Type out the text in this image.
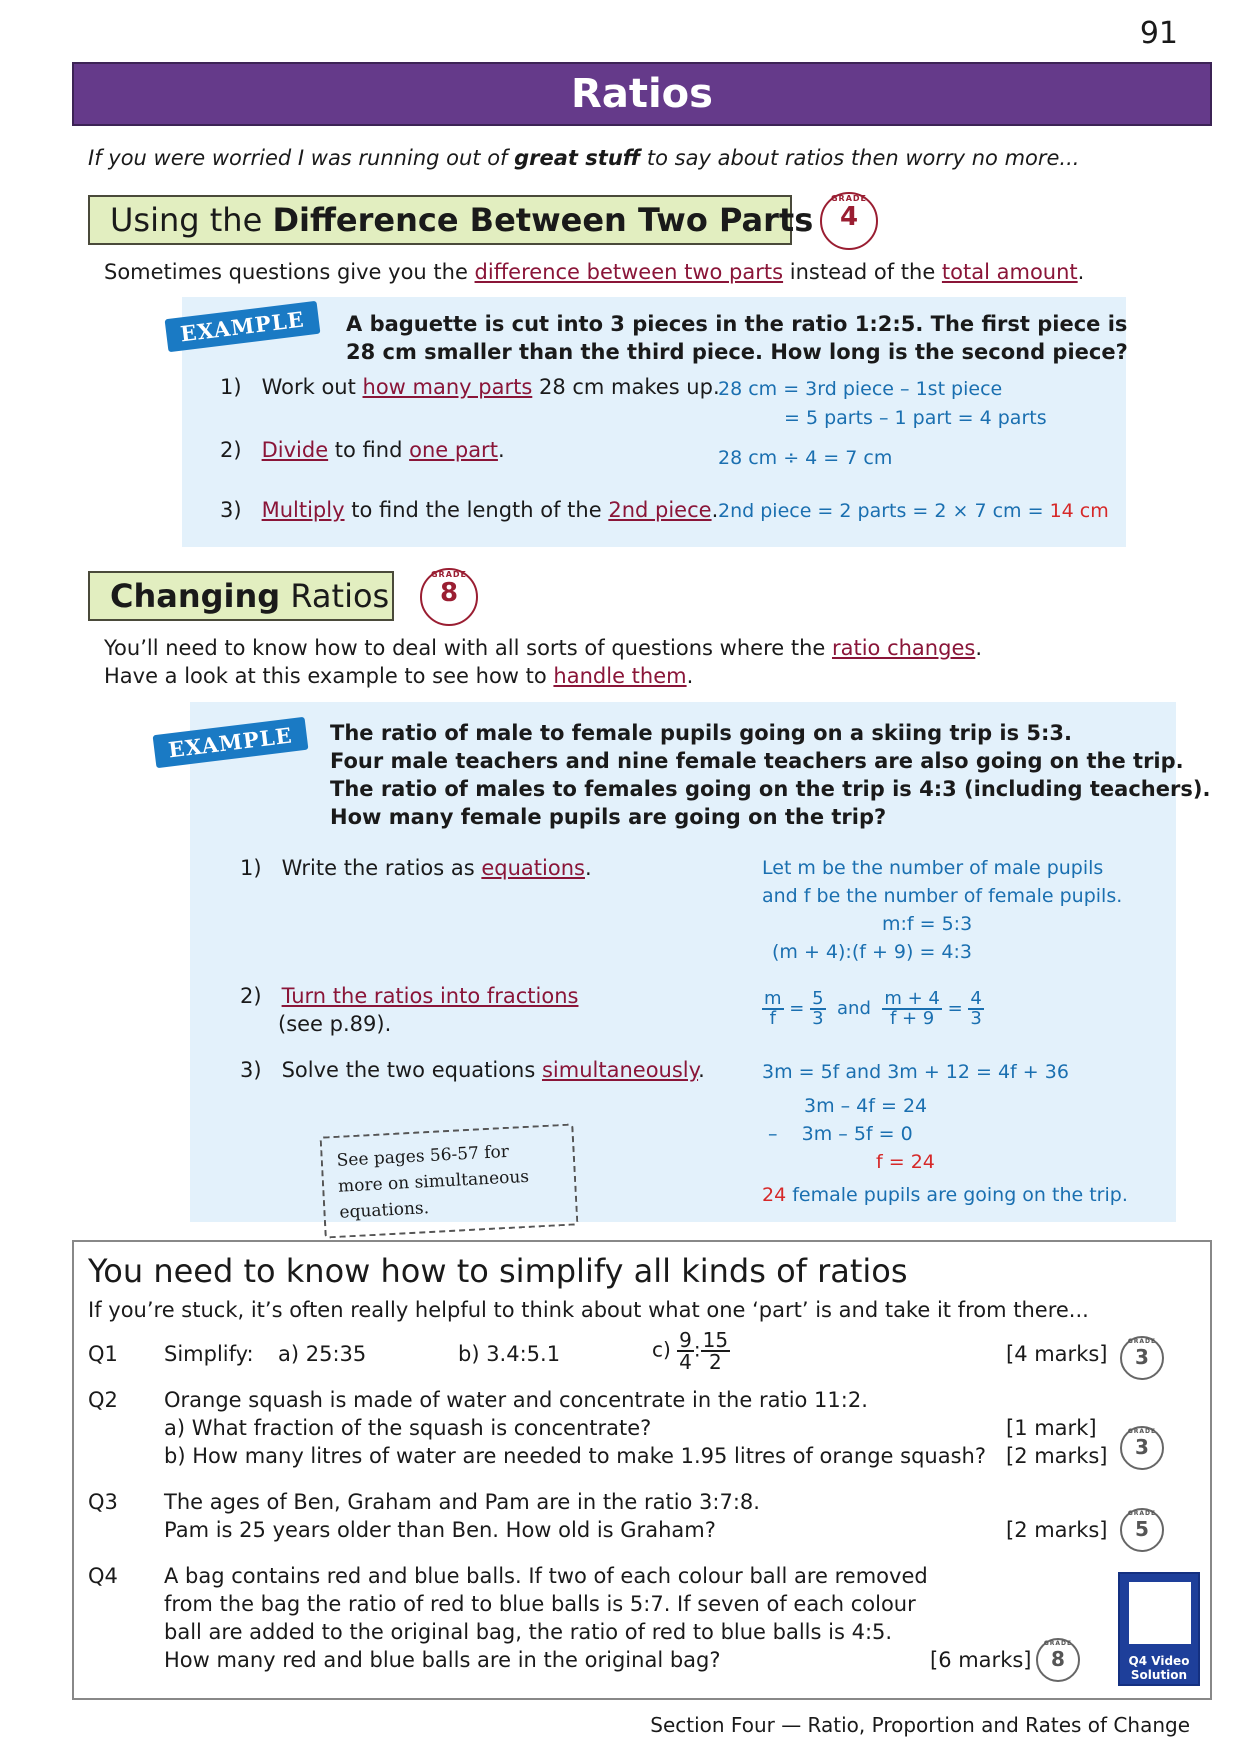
91
Ratios
If you were worried I was running out of great stuff to say about ratios then worry no more...
Using the Difference Between Two Parts
GRADE
4
Sometimes questions give you the difference between two parts instead of the total amount.
EXAMPLE	A baguette is cut into 3 pieces in the ratio 1:2:5. The first piece is
28 cm smaller than the third piece. How long is the second piece?
1) Work out how many parts 28 cm makes up.
2) Divide to find one part.
3) Multiply to find the length of the 2nd piece.
28 cm = 3rd piece – 1st piece
= 5 parts – 1 part = 4 parts
28 cm ÷ 4 = 7 cm
2nd piece = 2 parts = 2 × 7 cm = 14 cm
Changing Ratios
GRADE
8
You’ll need to know how to deal with all sorts of questions where the ratio changes.
Have a look at this example to see how to handle them.
EXAMPLE	The ratio of male to female pupils going on a skiing trip is 5:3.
Four male teachers and nine female teachers are also going on the trip.
The ratio of males to females going on the trip is 4:3 (including teachers).
How many female pupils are going on the trip?
1) Write the ratios as equations.
2) Turn the ratios into fractions
(see p.89).
3) Solve the two equations simultaneously.
See pages 56-57 for more on simultaneous equations.
Let m be the number of male pupils
and f be the number of female pupils.
m:f = 5:3
(m + 4):(f + 9) = 4:3
$\frac{m}{f} = \frac{5}{3}$ and $\frac{m + 4}{f + 9} = \frac{4}{3}$
3m = 5f and 3m + 12 = 4f + 36
3m – 4f = 24
– 3m – 5f = 0
f = 24
24 female pupils are going on the trip.
You need to know how to simplify all kinds of ratios
If you’re stuck, it’s often really helpful to think about what one ‘part’ is and take it from there...
Q1 Simplify: a) 25:35	b) 3.4:5.1	$c) \frac{9}{4}$ : $\frac{15}{2}$	[4 marks]
GRADE
3
Q2 Orange squash is made of water and concentrate in the ratio 11:2.
a) What fraction of the squash is concentrate?
b) How many litres of water are needed to make 1.95 litres of orange squash?
[1 mark]
[2 marks]
GRADE
3
Q3 The ages of Ben, Graham and Pam are in the ratio 3:7:8.
Pam is 25 years older than Ben. How old is Graham?	[2 marks]
GRADE
5
Q4 A bag contains red and blue balls. If two of each colour ball are removed
from the bag the ratio of red to blue balls is 5:7. If seven of each colour
ball are added to the original bag, the ratio of red to blue balls is 4:5.
How many red and blue balls are in the original bag?	[6 marks]
GRADE
8	Q4 Video Solution
Section Four — Ratio, Proportion and Rates of Change
